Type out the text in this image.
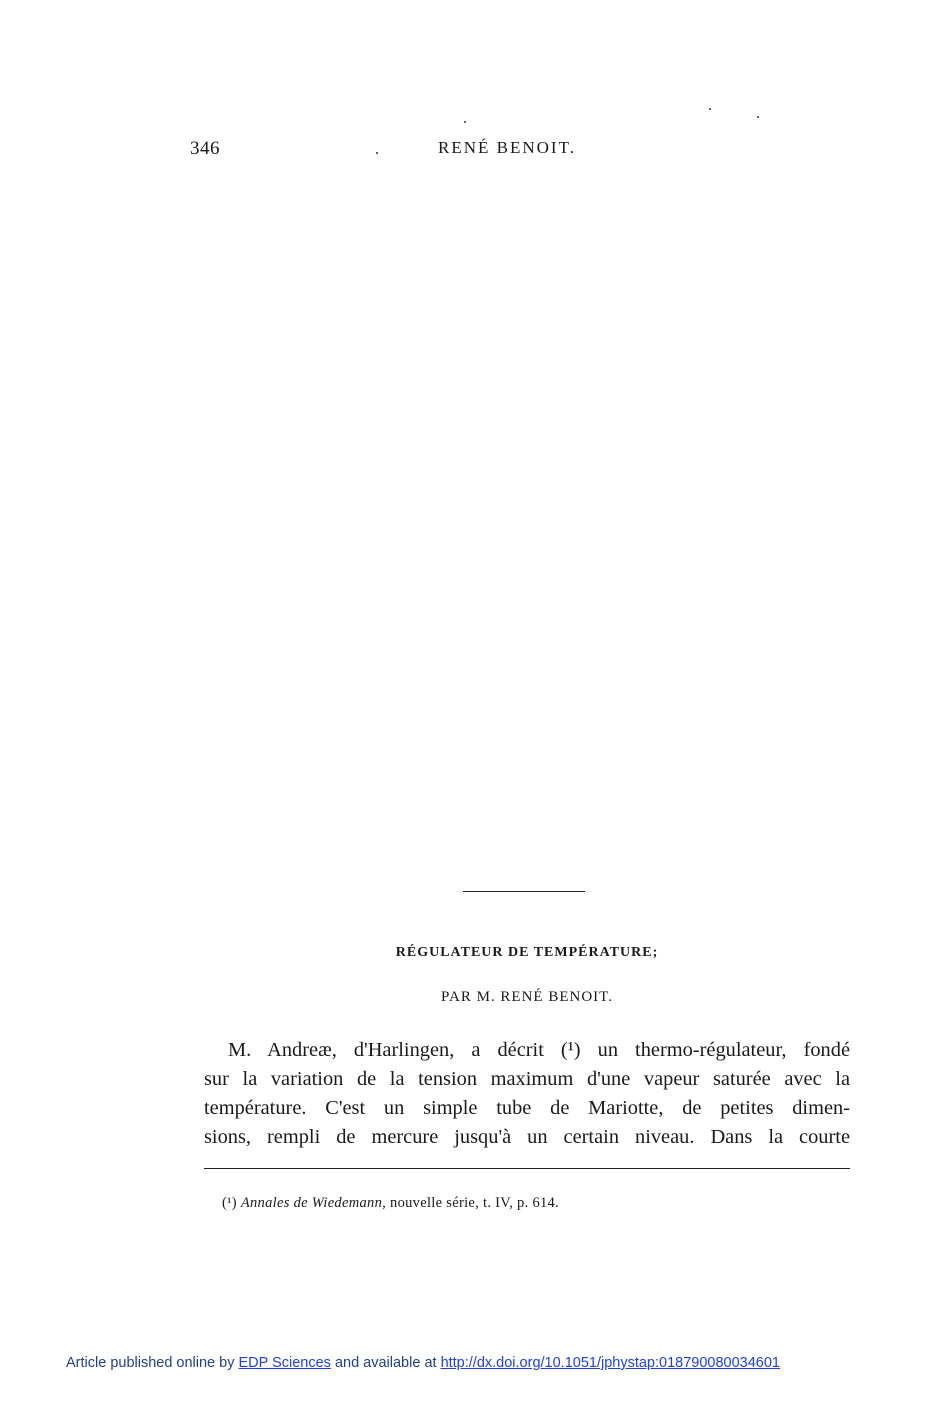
346	RENÉ BENOIT.
RÉGULATEUR DE TEMPÉRATURE;
PAR M. RENÉ BENOIT.
M. Andreæ, d'Harlingen, a décrit (¹) un thermo-régulateur, fondé
sur la variation de la tension maximum d'une vapeur saturée avec la
température. C'est un simple tube de Mariotte, de petites dimen-
sions, rempli de mercure jusqu'à un certain niveau. Dans la courte
(¹) Annales de Wiedemann, nouvelle série, t. IV, p. 614.
Article published online by EDP Sciences and available at http://dx.doi.org/10.1051/jphystap:018790080034601
